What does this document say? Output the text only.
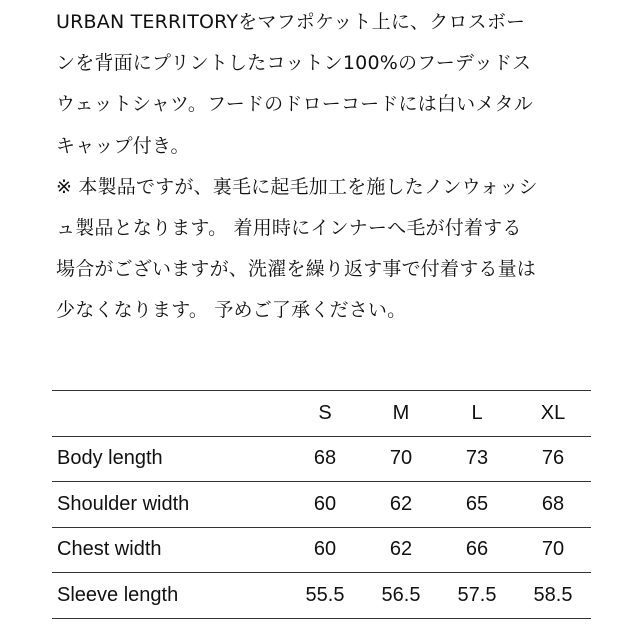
URBAN TERRITORYをマフポケット上に、クロスボー
ンを背面にプリントしたコットン100%のフーデッドス
ウェットシャツ。フードのドローコードには白いメタル
キャップ付き。
※ 本製品ですが、裏毛に起毛加工を施したノンウォッシ
ュ製品となります。 着用時にインナーへ毛が付着する
場合がございますが、洗濯を繰り返す事で付着する量は
少なくなります。 予めご了承ください。
	S	M	L	XL
Body length	68	70	73	76
Shoulder width	60	62	65	68
Chest width	60	62	66	70
Sleeve length	55.5	56.5	57.5	58.5
